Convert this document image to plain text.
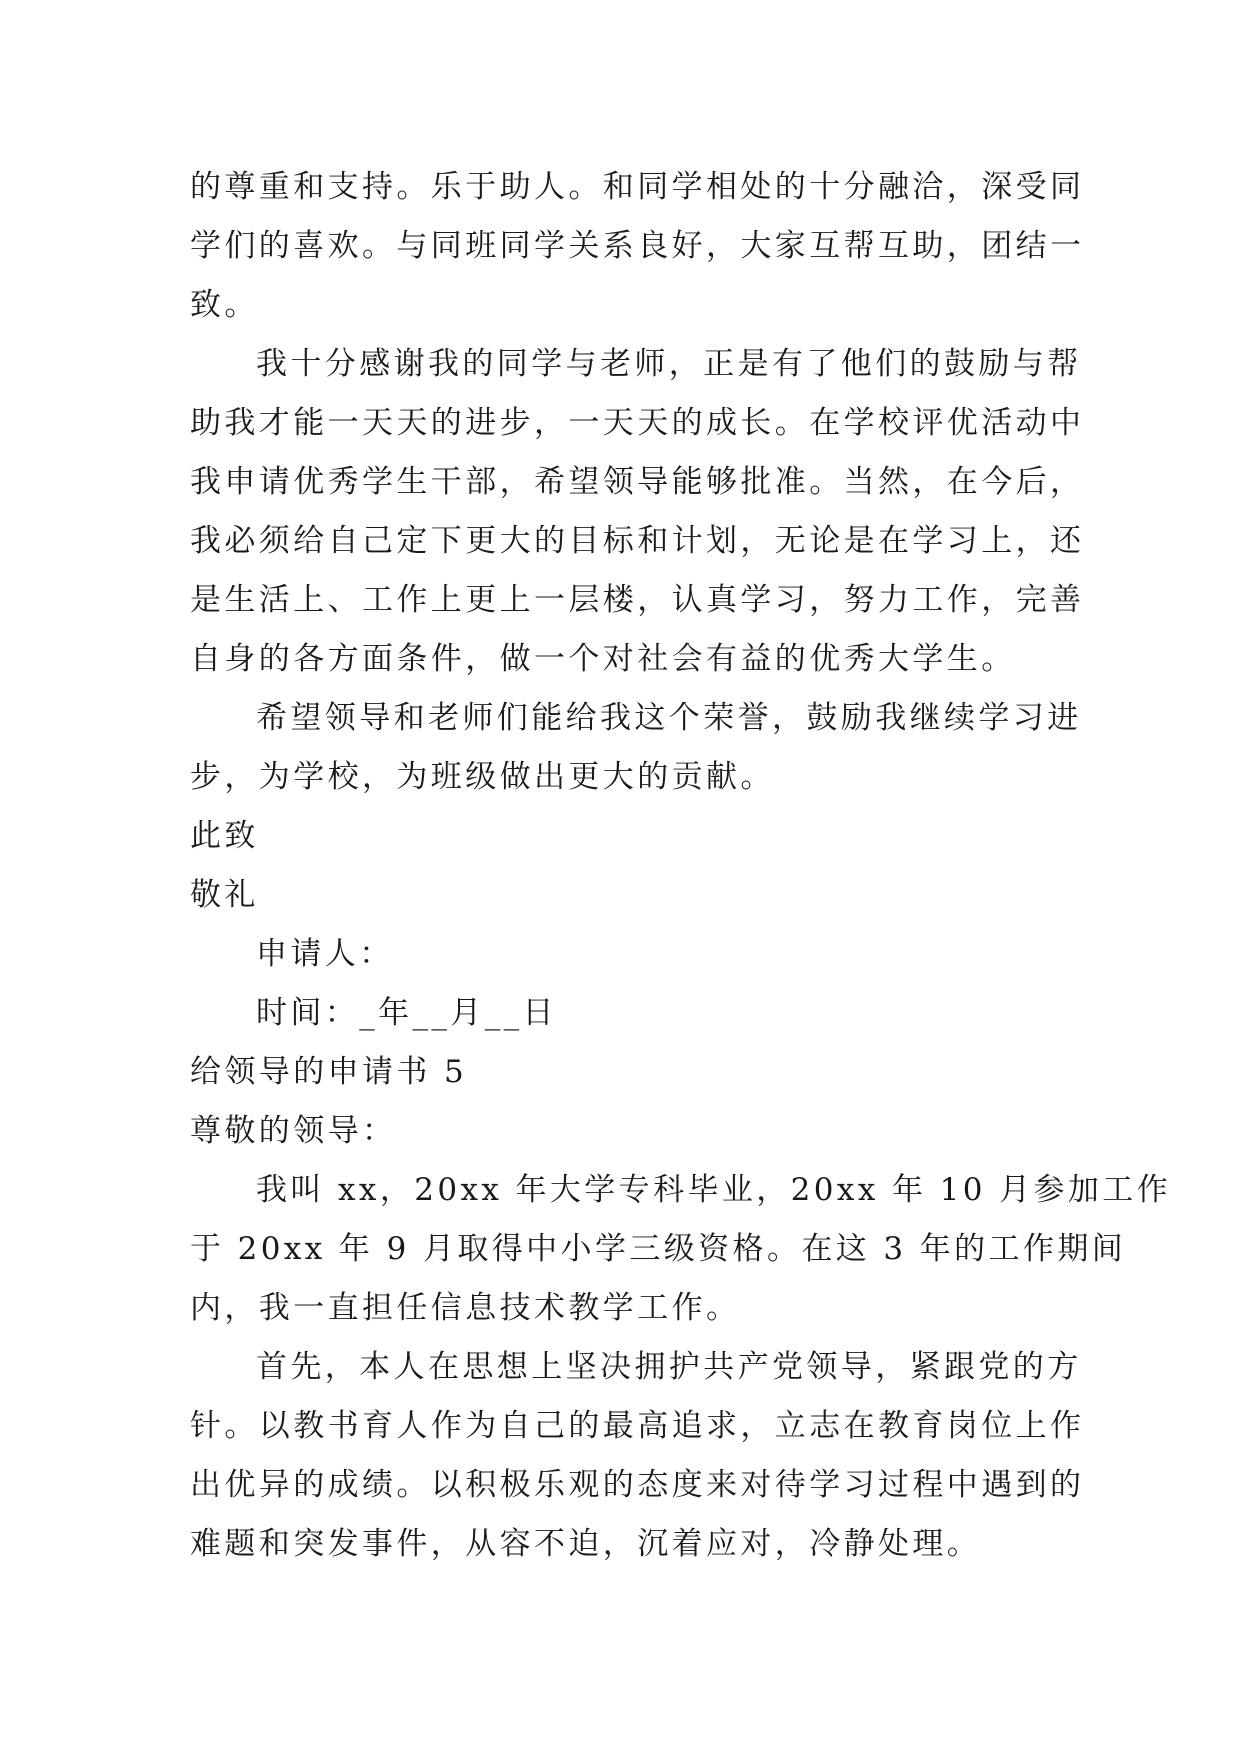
的尊重和支持。乐于助人。和同学相处的十分融洽，深受同
学们的喜欢。与同班同学关系良好，大家互帮互助，团结一
致。
我十分感谢我的同学与老师，正是有了他们的鼓励与帮
助我才能一天天的进步，一天天的成长。在学校评优活动中
我申请优秀学生干部，希望领导能够批准。当然，在今后，
我必须给自己定下更大的目标和计划，无论是在学习上，还
是生活上、工作上更上一层楼，认真学习，努力工作，完善
自身的各方面条件，做一个对社会有益的优秀大学生。
希望领导和老师们能给我这个荣誉，鼓励我继续学习进
步，为学校，为班级做出更大的贡献。
此致
敬礼
申请人：
时间：_年__月__日
给领导的申请书 5
尊敬的领导：
我叫 xx，20xx 年大学专科毕业，20xx 年 10 月参加工作
于 20xx 年 9 月取得中小学三级资格。在这 3 年的工作期间
内，我一直担任信息技术教学工作。
首先，本人在思想上坚决拥护共产党领导，紧跟党的方
针。以教书育人作为自己的最高追求，立志在教育岗位上作
出优异的成绩。以积极乐观的态度来对待学习过程中遇到的
难题和突发事件，从容不迫，沉着应对，冷静处理。
